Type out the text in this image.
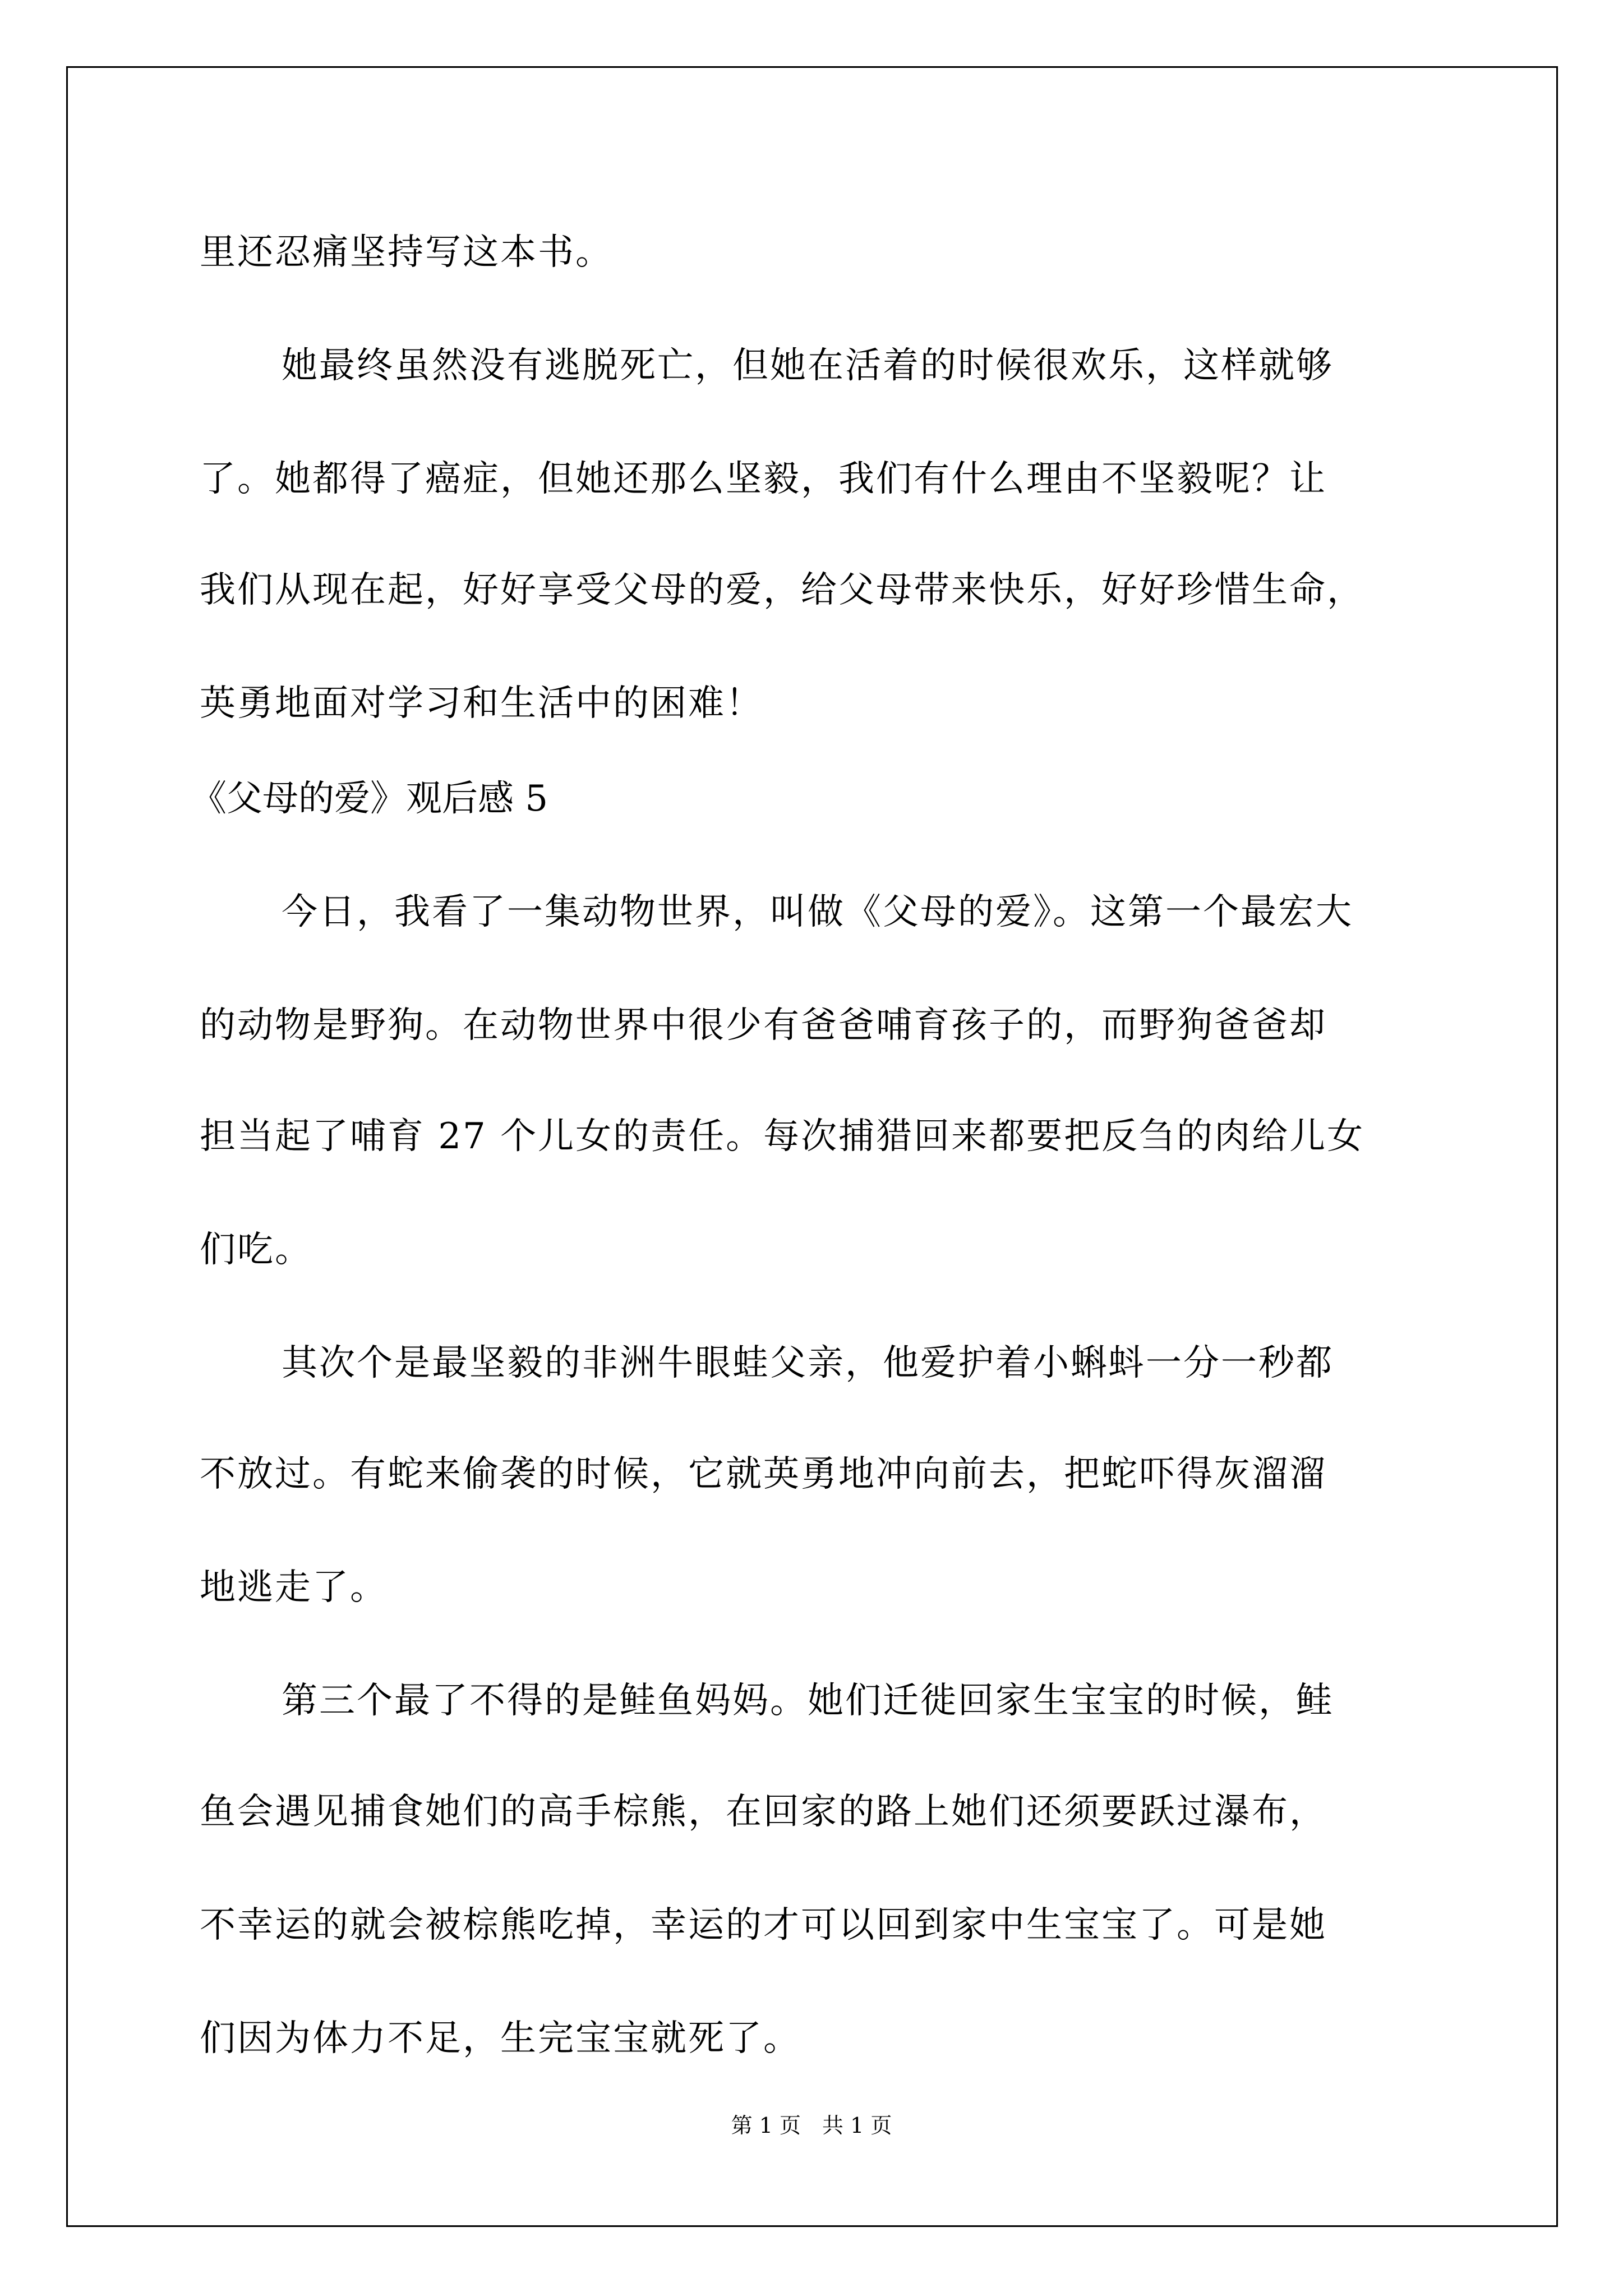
里还忍痛坚持写这本书。
她最终虽然没有逃脱死亡，但她在活着的时候很欢乐，这样就够
了。她都得了癌症，但她还那么坚毅，我们有什么理由不坚毅呢？让
我们从现在起，好好享受父母的爱，给父母带来快乐，好好珍惜生命，
英勇地面对学习和生活中的困难！
《父母的爱》观后感 5
今日，我看了一集动物世界，叫做《父母的爱》。这第一个最宏大
的动物是野狗。在动物世界中很少有爸爸哺育孩子的，而野狗爸爸却
担当起了哺育 27 个儿女的责任。每次捕猎回来都要把反刍的肉给儿女
们吃。
其次个是最坚毅的非洲牛眼蛙父亲，他爱护着小蝌蚪一分一秒都
不放过。有蛇来偷袭的时候，它就英勇地冲向前去，把蛇吓得灰溜溜
地逃走了。
第三个最了不得的是鲑鱼妈妈。她们迁徙回家生宝宝的时候，鲑
鱼会遇见捕食她们的高手棕熊，在回家的路上她们还须要跃过瀑布，
不幸运的就会被棕熊吃掉，幸运的才可以回到家中生宝宝了。可是她
们因为体力不足，生完宝宝就死了。
第 1 页　共 1 页
